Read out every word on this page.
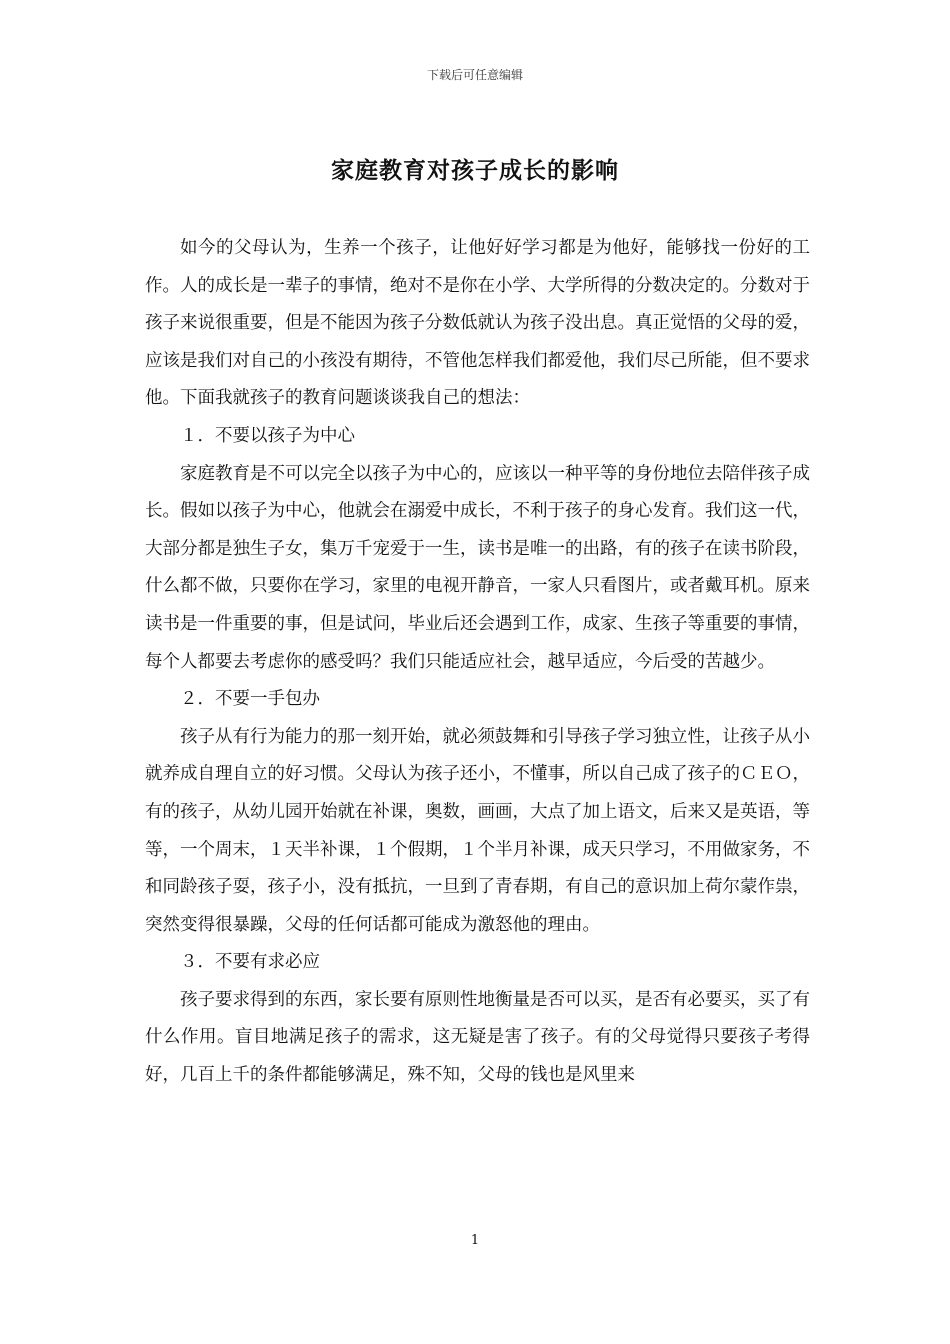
下载后可任意编辑
家庭教育对孩子成长的影响

如今的父母认为，生养一个孩子，让他好好学习都是为他好，能够找一份好的工作。人的成长是一辈子的事情，绝对不是你在小学、大学所得的分数决定的。分数对于孩子来说很重要，但是不能因为孩子分数低就认为孩子没出息。真正觉悟的父母的爱，应该是我们对自己的小孩没有期待，不管他怎样我们都爱他，我们尽己所能，但不要求他。下面我就孩子的教育问题谈谈我自己的想法：

１．不要以孩子为中心

家庭教育是不可以完全以孩子为中心的，应该以一种平等的身份地位去陪伴孩子成长。假如以孩子为中心，他就会在溺爱中成长，不利于孩子的身心发育。我们这一代，大部分都是独生子女，集万千宠爱于一生，读书是唯一的出路，有的孩子在读书阶段，什么都不做，只要你在学习，家里的电视开静音，一家人只看图片，或者戴耳机。原来读书是一件重要的事，但是试问，毕业后还会遇到工作，成家、生孩子等重要的事情，每个人都要去考虑你的感受吗？我们只能适应社会，越早适应，今后受的苦越少。

２．不要一手包办

孩子从有行为能力的那一刻开始，就必须鼓舞和引导孩子学习独立性，让孩子从小就养成自理自立的好习惯。父母认为孩子还小，不懂事，所以自己成了孩子的ＣＥＯ，有的孩子，从幼儿园开始就在补课，奥数，画画，大点了加上语文，后来又是英语，等等，一个周末，１天半补课，１个假期，１个半月补课，成天只学习，不用做家务，不和同龄孩子耍，孩子小，没有抵抗，一旦到了青春期，有自己的意识加上荷尔蒙作祟，突然变得很暴躁，父母的任何话都可能成为激怒他的理由。

３．不要有求必应

孩子要求得到的东西，家长要有原则性地衡量是否可以买，是否有必要买，买了有什么作用。盲目地满足孩子的需求，这无疑是害了孩子。有的父母觉得只要孩子考得好，几百上千的条件都能够满足，殊不知，父母的钱也是风里来

1
